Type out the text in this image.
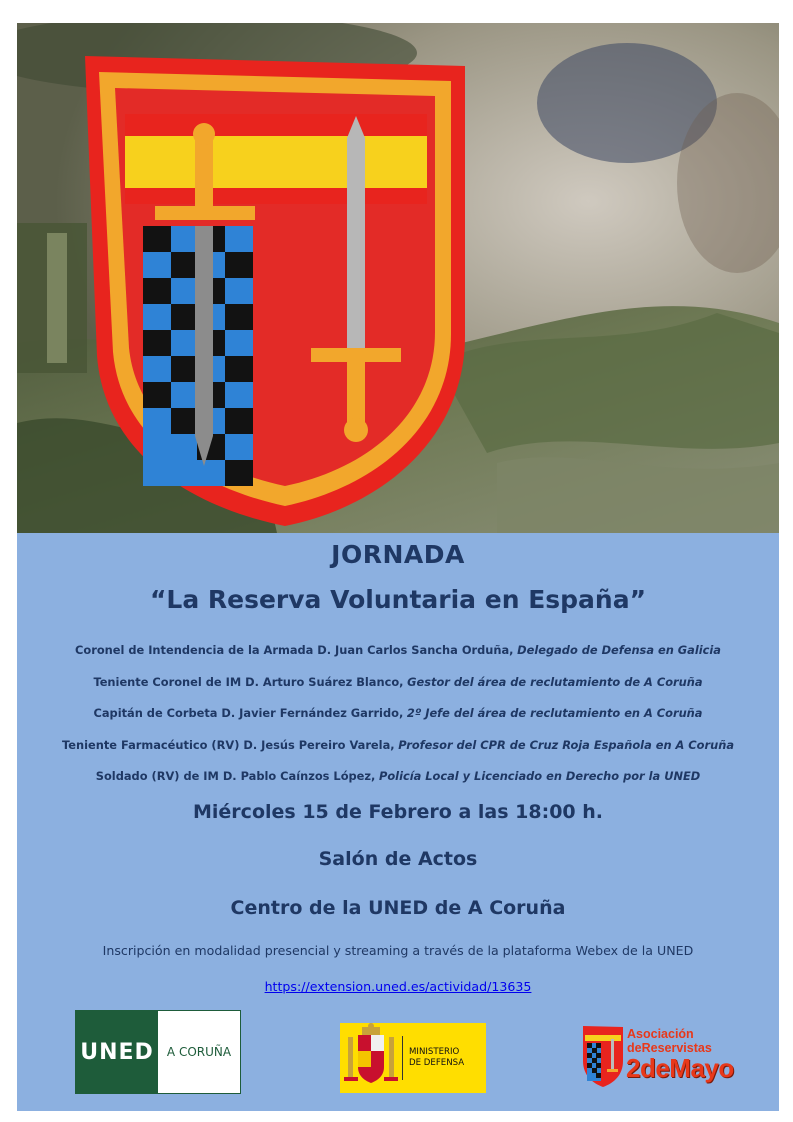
JORNADA
“La Reserva Voluntaria en España”
Coronel de Intendencia de la Armada D. Juan Carlos Sancha Orduña, Delegado de Defensa en Galicia
Teniente Coronel de IM D. Arturo Suárez Blanco, Gestor del área de reclutamiento de A Coruña
Capitán de Corbeta D. Javier Fernández Garrido, 2º Jefe del área de reclutamiento en A Coruña
Teniente Farmacéutico (RV) D. Jesús Pereiro Varela, Profesor del CPR de Cruz Roja Española en A Coruña
Soldado (RV) de IM D. Pablo Caínzos López, Policía Local y Licenciado en Derecho por la UNED
Miércoles 15 de Febrero a las 18:00 h.
Salón de Actos
Centro de la UNED de A Coruña
Inscripción en modalidad presencial y streaming a través de la plataforma Webex de la UNED
https://extension.uned.es/actividad/13635
UNED A CORUÑA	MINISTERIO
DE DEFENSA
Asociación
deReservistas
2deMayo
